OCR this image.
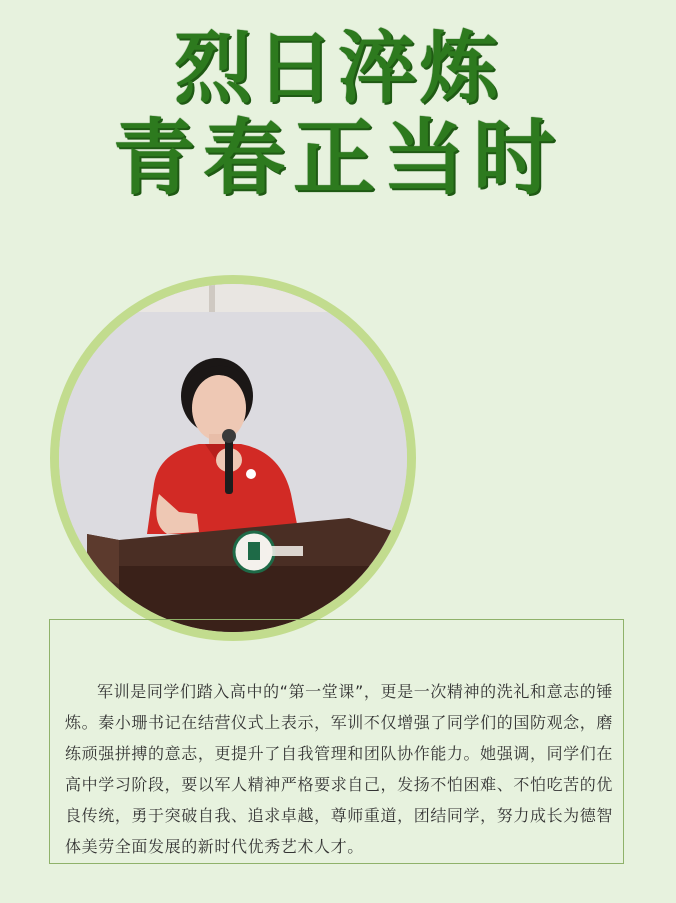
烈日淬炼
青春正当时

军训是同学们踏入高中的“第一堂课”，更是一次精神的洗礼和意志的锤炼。秦小珊书记在结营仪式上表示，军训不仅增强了同学们的国防观念，磨练顽强拼搏的意志，更提升了自我管理和团队协作能力。她强调，同学们在高中学习阶段，要以军人精神严格要求自己，发扬不怕困难、不怕吃苦的优良传统，勇于突破自我、追求卓越，尊师重道，团结同学，努力成长为德智体美劳全面发展的新时代优秀艺术人才。
